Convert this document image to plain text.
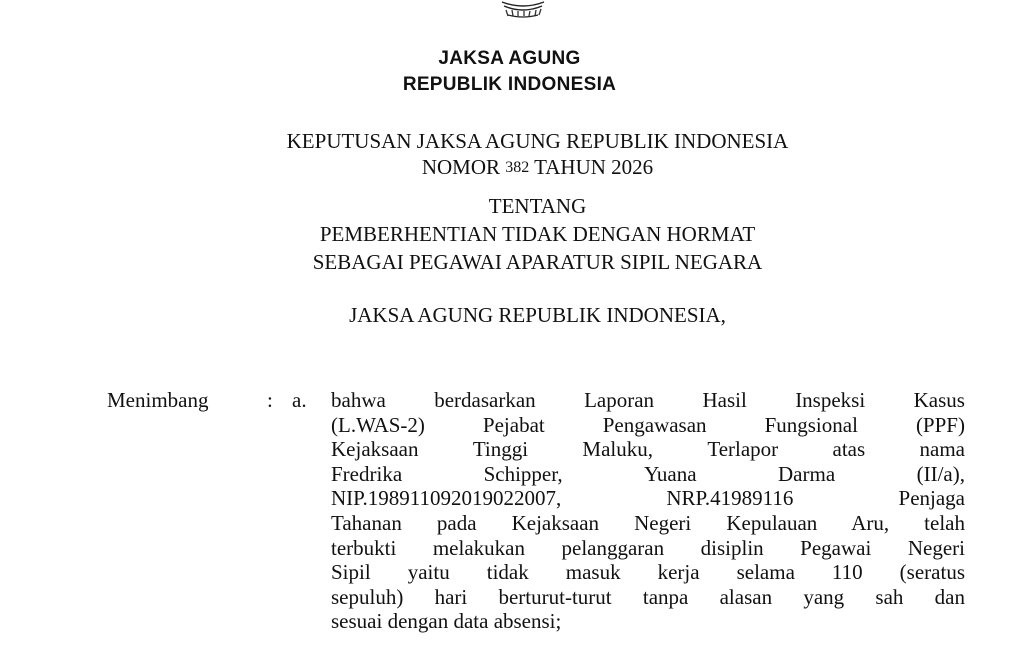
JAKSA AGUNG
REPUBLIK INDONESIA
KEPUTUSAN JAKSA AGUNG REPUBLIK INDONESIA
NOMOR 382 TAHUN 2026
TENTANG
PEMBERHENTIAN TIDAK DENGAN HORMAT
SEBAGAI PEGAWAI APARATUR SIPIL NEGARA
JAKSA AGUNG REPUBLIK INDONESIA,
Menimbang	: a. bahwa berdasarkan Laporan Hasil Inspeksi Kasus
(L.WAS-2)	Pejabat	Pengawasan	Fungsional	(PPF)
Kejaksaan	Tinggi	Maluku,	Terlapor	atas	nama
Fredrika	Schipper,	Yuana	Darma	(II/a),
NIP.198911092019022007,	NRP.41989116	Penjaga
Tahanan pada Kejaksaan Negeri Kepulauan Aru, telah
terbukti melakukan pelanggaran disiplin Pegawai Negeri
Sipil yaitu tidak masuk kerja selama 110 (seratus
sepuluh) hari berturut-turut tanpa alasan yang sah dan
sesuai dengan data absensi;
